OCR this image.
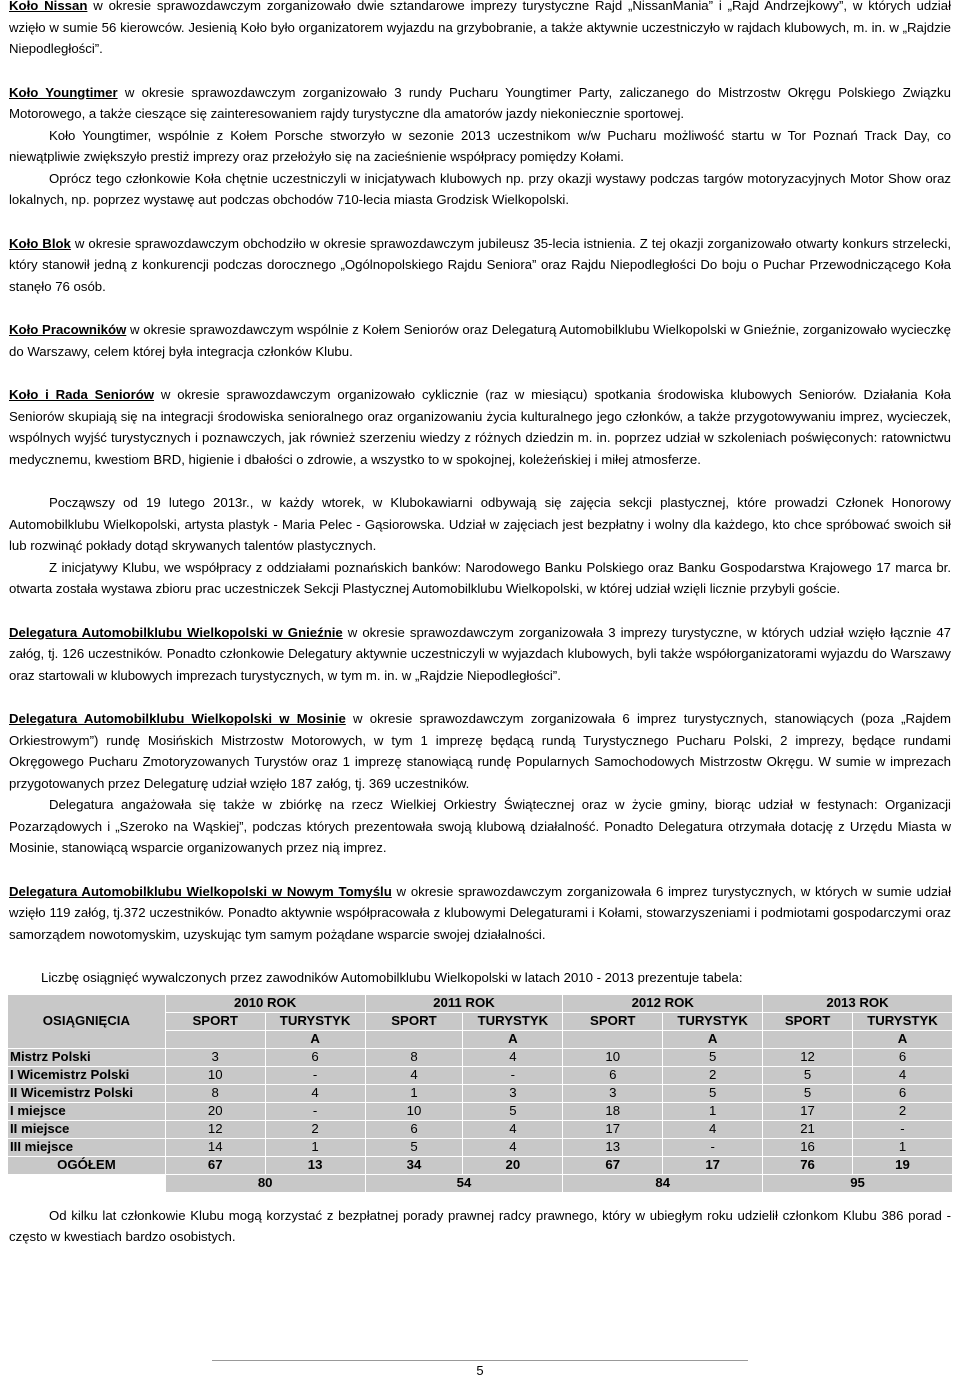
Koło Nissan w okresie sprawozdawczym zorganizowało dwie sztandarowe imprezy turystyczne Rajd „NissanMania” i „Rajd Andrzejkowy”, w których udział wzięło w sumie 56 kierowców. Jesienią Koło było organizatorem wyjazdu na grzybobranie, a także aktywnie uczestniczyło w rajdach klubowych, m. in. w „Rajdzie Niepodległości”.

Koło Youngtimer w okresie sprawozdawczym zorganizowało 3 rundy Pucharu Youngtimer Party, zaliczanego do Mistrzostw Okręgu Polskiego Związku Motorowego, a także cieszące się zainteresowaniem rajdy turystyczne dla amatorów jazdy niekoniecznie sportowej.

Koło Youngtimer, wspólnie z Kołem Porsche stworzyło w sezonie 2013 uczestnikom w/w Pucharu możliwość startu w Tor Poznań Track Day, co niewątpliwie zwiększyło prestiż imprezy oraz przełożyło się na zacieśnienie współpracy pomiędzy Kołami.

Oprócz tego członkowie Koła chętnie uczestniczyli w inicjatywach klubowych np. przy okazji wystawy podczas targów motoryzacyjnych Motor Show oraz lokalnych, np. poprzez wystawę aut podczas obchodów 710-lecia miasta Grodzisk Wielkopolski.

Koło Blok w okresie sprawozdawczym obchodziło w okresie sprawozdawczym jubileusz 35-lecia istnienia. Z tej okazji zorganizowało otwarty konkurs strzelecki, który stanowił jedną z konkurencji podczas dorocznego „Ogólnopolskiego Rajdu Seniora” oraz Rajdu Niepodległości Do boju o Puchar Przewodniczącego Koła stanęło 76 osób.

Koło Pracowników w okresie sprawozdawczym wspólnie z Kołem Seniorów oraz Delegaturą Automobilklubu Wielkopolski w Gnieźnie, zorganizowało wycieczkę do Warszawy, celem której była integracja członków Klubu.

Koło i Rada Seniorów w okresie sprawozdawczym organizowało cyklicznie (raz w miesiącu) spotkania środowiska klubowych Seniorów. Działania Koła Seniorów skupiają się na integracji środowiska senioralnego oraz organizowaniu życia kulturalnego jego członków, a także przygotowywaniu imprez, wycieczek, wspólnych wyjść turystycznych i poznawczych, jak również szerzeniu wiedzy z różnych dziedzin m. in. poprzez udział w szkoleniach poświęconych: ratownictwu medycznemu, kwestiom BRD, higienie i dbałości o zdrowie, a wszystko to w spokojnej, koleżeńskiej i miłej atmosferze.

Począwszy od 19 lutego 2013r., w każdy wtorek, w Klubokawiarni odbywają się zajęcia sekcji plastycznej, które prowadzi Członek Honorowy Automobilklubu Wielkopolski, artysta plastyk - Maria Pelec - Gąsiorowska. Udział w zajęciach jest bezpłatny i wolny dla każdego, kto chce spróbować swoich sił lub rozwinąć pokłady dotąd skrywanych talentów plastycznych.

Z inicjatywy Klubu, we współpracy z oddziałami poznańskich banków: Narodowego Banku Polskiego oraz Banku Gospodarstwa Krajowego 17 marca br. otwarta została wystawa zbioru prac uczestniczek Sekcji Plastycznej Automobilklubu Wielkopolski, w której udział wzięli licznie przybyli goście.

Delegatura Automobilklubu Wielkopolski w Gnieźnie w okresie sprawozdawczym zorganizowała 3 imprezy turystyczne, w których udział wzięło łącznie 47 załóg, tj. 126 uczestników. Ponadto członkowie Delegatury aktywnie uczestniczyli w wyjazdach klubowych, byli także współorganizatorami wyjazdu do Warszawy oraz startowali w klubowych imprezach turystycznych, w tym m. in. w „Rajdzie Niepodległości”.

Delegatura Automobilklubu Wielkopolski w Mosinie w okresie sprawozdawczym zorganizowała 6 imprez turystycznych, stanowiących (poza „Rajdem Orkiestrowym”) rundę Mosińskich Mistrzostw Motorowych, w tym 1 imprezę będącą rundą Turystycznego Pucharu Polski, 2 imprezy, będące rundami Okręgowego Pucharu Zmotoryzowanych Turystów oraz 1 imprezę stanowiącą rundę Popularnych Samochodowych Mistrzostw Okręgu. W sumie w imprezach przygotowanych przez Delegaturę udział wzięło 187 załóg, tj. 369 uczestników.

Delegatura angażowała się także w zbiórkę na rzecz Wielkiej Orkiestry Świątecznej oraz w życie gminy, biorąc udział w festynach: Organizacji Pozarządowych i „Szeroko na Wąskiej”, podczas których prezentowała swoją klubową działalność. Ponadto Delegatura otrzymała dotację z Urzędu Miasta w Mosinie, stanowiącą wsparcie organizowanych przez nią imprez.

Delegatura Automobilklubu Wielkopolski w Nowym Tomyślu w okresie sprawozdawczym zorganizowała 6 imprez turystycznych, w których w sumie udział wzięło 119 załóg, tj.372 uczestników. Ponadto aktywnie współpracowała z klubowymi Delegaturami i Kołami, stowarzyszeniami i podmiotami gospodarczymi oraz samorządem nowotomyskim, uzyskując tym samym pożądane wsparcie swojej działalności.

Liczbę osiągnięć wywalczonych przez zawodników Automobilklubu Wielkopolski w latach 2010 - 2013 prezentuje tabela:

OSIĄGNIĘCIA	2010 ROK		2011 ROK		2012 ROK		2013 ROK	
	SPORT	TURYSTYK	SPORT	TURYSTYK	SPORT	TURYSTYK	SPORT	TURYSTYK
		A		A		A		A
Mistrz Polski	3	6	8	4	10	5	12	6
I Wicemistrz Polski	10	-	4	-	6	2	5	4
II Wicemistrz Polski	8	4	1	3	3	5	5	6
I miejsce	20	-	10	5	18	1	17	2
II miejsce	12	2	6	4	17	4	21	-
III miejsce	14	1	5	4	13	-	16	1
OGÓŁEM	67	13	34	20	67	17	76	19
	80		54		84		95	

Od kilku lat członkowie Klubu mogą korzystać z bezpłatnej porady prawnej radcy prawnego, który w ubiegłym roku udzielił członkom Klubu 386 porad - często w kwestiach bardzo osobistych.

5
